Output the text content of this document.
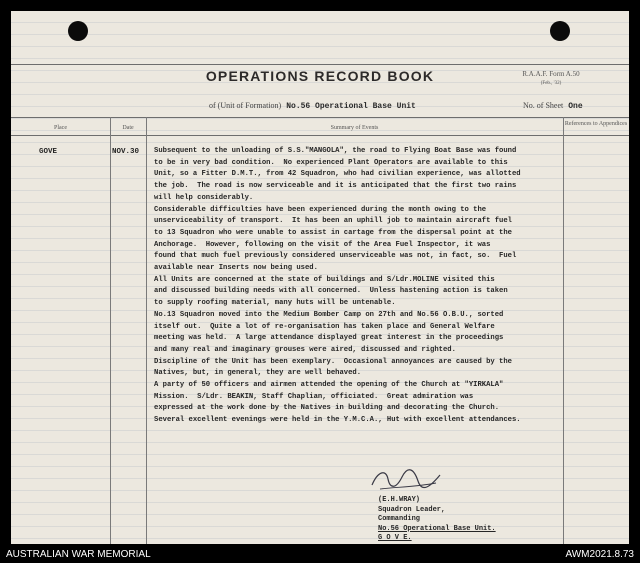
OPERATIONS RECORD BOOK	R.A.A.F. Form A.50
(Feb., '32)
of (Unit of Formation) No.56 Operational Base Unit	No. of Sheet One
Place	Date	Summary of Events
References to Appendices
GOVE	NOV.30 Subsequent to the unloading of S.S."MANGOLA", the road to Flying Boat Base was found
to be in very bad condition.  No experienced Plant Operators are available to this
Unit, so a Fitter D.M.T., from 42 Squadron, who had civilian experience, was allotted
the job.  The road is now serviceable and it is anticipated that the first two rains
will help considerably.
Considerable difficulties have been experienced during the month owing to the
unserviceability of transport.  It has been an uphill job to maintain aircraft fuel
to 13 Squadron who were unable to assist in cartage from the dispersal point at the
Anchorage.  However, following on the visit of the Area Fuel Inspector, it was
found that much fuel previously considered unserviceable was not, in fact, so.  Fuel
available near Inserts now being used.
All Units are concerned at the state of buildings and S/Ldr.MOLINE visited this
and discussed building needs with all concerned.  Unless hastening action is taken
to supply roofing material, many huts will be untenable.
No.13 Squadron moved into the Medium Bomber Camp on 27th and No.56 O.B.U., sorted
itself out.  Quite a lot of re-organisation has taken place and General Welfare
meeting was held.  A large attendance displayed great interest in the proceedings
and many real and imaginary grouses were aired, discussed and righted.
Discipline of the Unit has been exemplary.  Occasional annoyances are caused by the
Natives, but, in general, they are well behaved.
A party of 50 officers and airmen attended the opening of the Church at "YIRKALA"
Mission.  S/Ldr. BEAKIN, Staff Chaplian, officiated.  Great admiration was
expressed at the work done by the Natives in building and decorating the Church.
Several excellent evenings were held in the Y.M.C.A., Hut with excellent attendances.
(E.H.WRAY)
Squadron Leader,
Commanding
No.56 Operational Base Unit.
G O V E.
AUSTRALIAN WAR MEMORIAL	AWM2021.8.73
